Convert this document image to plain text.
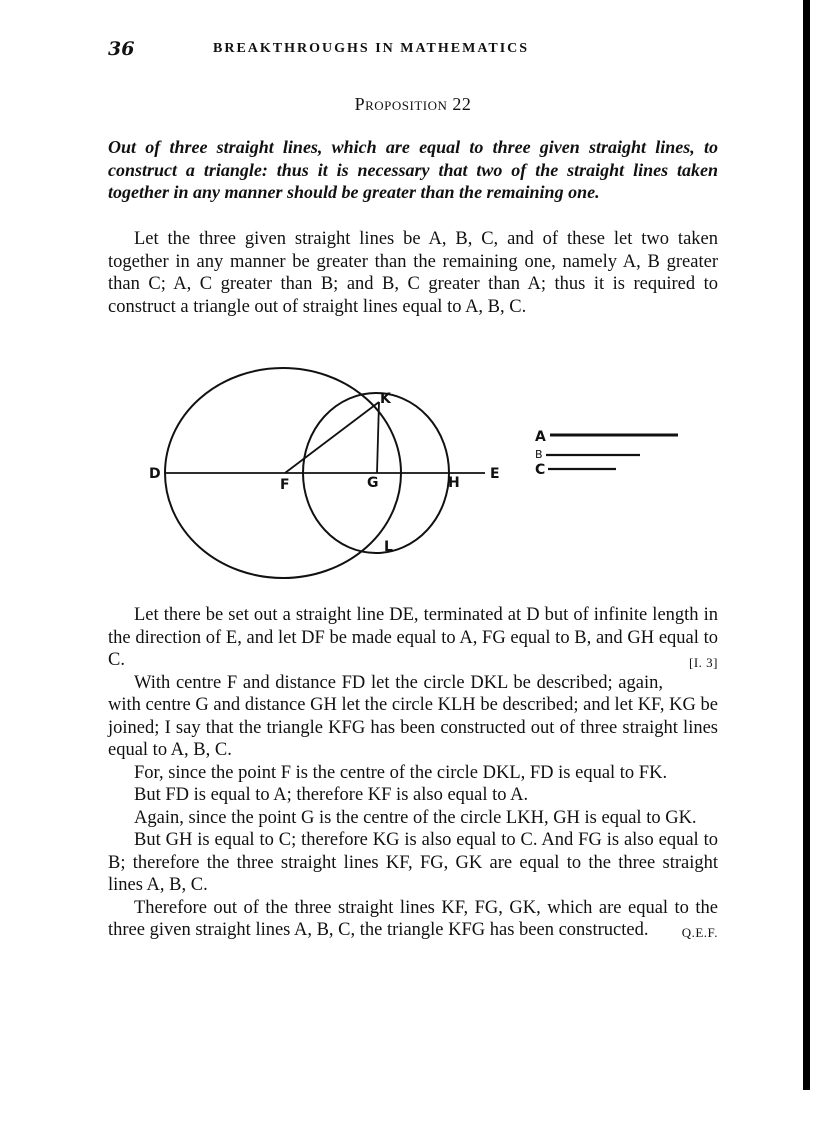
36	BREAKTHROUGHS IN MATHEMATICS
Proposition 22
Out of three straight lines, which are equal to three given straight lines, to construct a triangle: thus it is necessary that two of the straight lines taken together in any manner should be greater than the remaining one.

Let the three given straight lines be A, B, C, and of these let two taken together in any manner be greater than the remaining one, namely A, B greater than C; A, C greater than B; and B, C greater than A; thus it is required to construct a triangle out of straight lines equal to A, B, C.

D
F	G	H
E
K
L
A
B
C

Let there be set out a straight line DE, terminated at D but of infinite length in the direction of E, and let DF be made equal to A, FG equal to B, and GH equal to C.	[I. 3]

With centre F and distance FD let the circle DKL be described; again, with centre G and distance GH let the circle KLH be described; and let KF, KG be joined; I say that the triangle KFG has been constructed out of three straight lines equal to A, B, C.

For, since the point F is the centre of the circle DKL, FD is equal to FK.

But FD is equal to A; therefore KF is also equal to A.

Again, since the point G is the centre of the circle LKH, GH is equal to GK.

But GH is equal to C; therefore KG is also equal to C. And FG is also equal to B; therefore the three straight lines KF, FG, GK are equal to the three straight lines A, B, C.

Therefore out of the three straight lines KF, FG, GK, which are equal to the three given straight lines A, B, C, the triangle KFG has been constructed.	Q.E.F.
